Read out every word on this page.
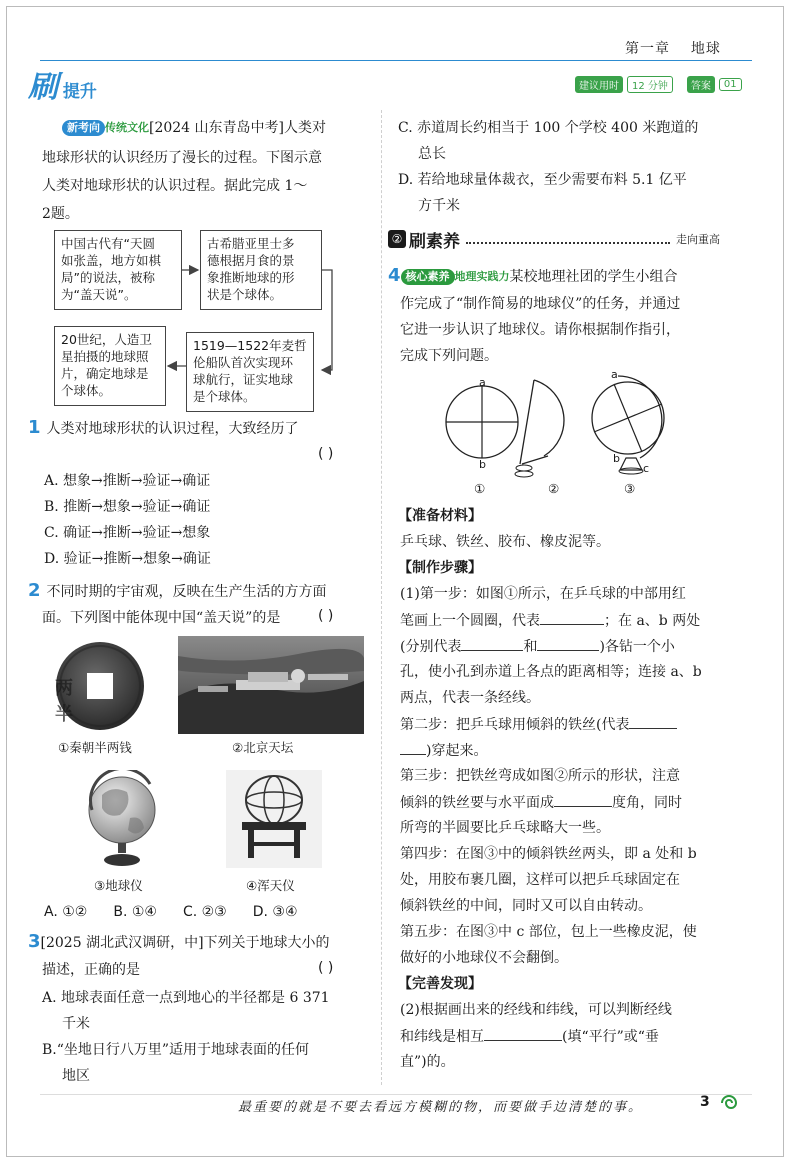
第一章 地球
刷 提升	建议用时	12 分钟	答案	01
新考向 传统文化[2024 山东青岛中考]人类对
地球形状的认识经历了漫长的过程。下图示意
人类对地球形状的认识过程。据此完成 1～
2题。
中国古代有“天圆
如张盖，地方如棋
局”的说法，被称
为“盖天说”。
古希腊亚里士多
德根据月食的景
象推断地球的形
状是个球体。
1519—1522年麦哲
伦船队首次实现环
球航行，证实地球
是个球体。
20世纪，人造卫
星拍摄的地球照
片，确定地球是
个球体。
1 人类对地球形状的认识过程，大致经历了
( )
A. 想象→推断→验证→确证
B. 推断→想象→验证→确证
C. 确证→推断→验证→想象
D. 验证→推断→想象→确证
2 不同时期的宇宙观，反映在生产生活的方方面
面。下列图中能体现中国“盖天说”的是	( )
两 半
①秦朝半两钱	②北京天坛
③地球仪	④浑天仪
A. ①② B. ①④ C. ②③ D. ③④
3[2025 湖北武汉调研，中]下列关于地球大小的
描述，正确的是	( )
A. 地球表面任意一点到地心的半径都是 6 371
千米
B.“坐地日行八万里”适用于地球表面的任何
地区
C. 赤道周长约相当于 100 个学校 400 米跑道的
总长
D. 若给地球量体裁衣，至少需要布料 5.1 亿平
方千米
② 刷素养	走向重高
4 核心素养 地理实践力某校地理社团的学生小组合
作完成了“制作简易的地球仪”的任务，并通过
它进一步认识了地球仪。请你根据制作指引，
完成下列问题。
a
b
a
b
c
①	②	③
【准备材料】
乒乓球、铁丝、胶布、橡皮泥等。
【制作步骤】
(1)第一步：如图①所示，在乒乓球的中部用红
笔画上一个圆圈，代表	；在 a、b 两处
(分别代表	和	)各钻一个小
孔，使小孔到赤道上各点的距离相等；连接 a、b
两点，代表一条经线。
第二步：把乒乓球用倾斜的铁丝(代表
)穿起来。
第三步：把铁丝弯成如图②所示的形状，注意
倾斜的铁丝要与水平面成	度角，同时
所弯的半圆要比乒乓球略大一些。
第四步：在图③中的倾斜铁丝两头，即 a 处和 b
处，用胶布裹几圈，这样可以把乒乓球固定在
倾斜铁丝的中间，同时又可以自由转动。
第五步：在图③中 c 部位，包上一些橡皮泥，使
做好的小地球仪不会翻倒。
【完善发现】
(2)根据画出来的经线和纬线，可以判断经线
和纬线是相互	(填“平行”或“垂
直”)的。
最重要的就是不要去看远方模糊的物，而要做手边清楚的事。	3
